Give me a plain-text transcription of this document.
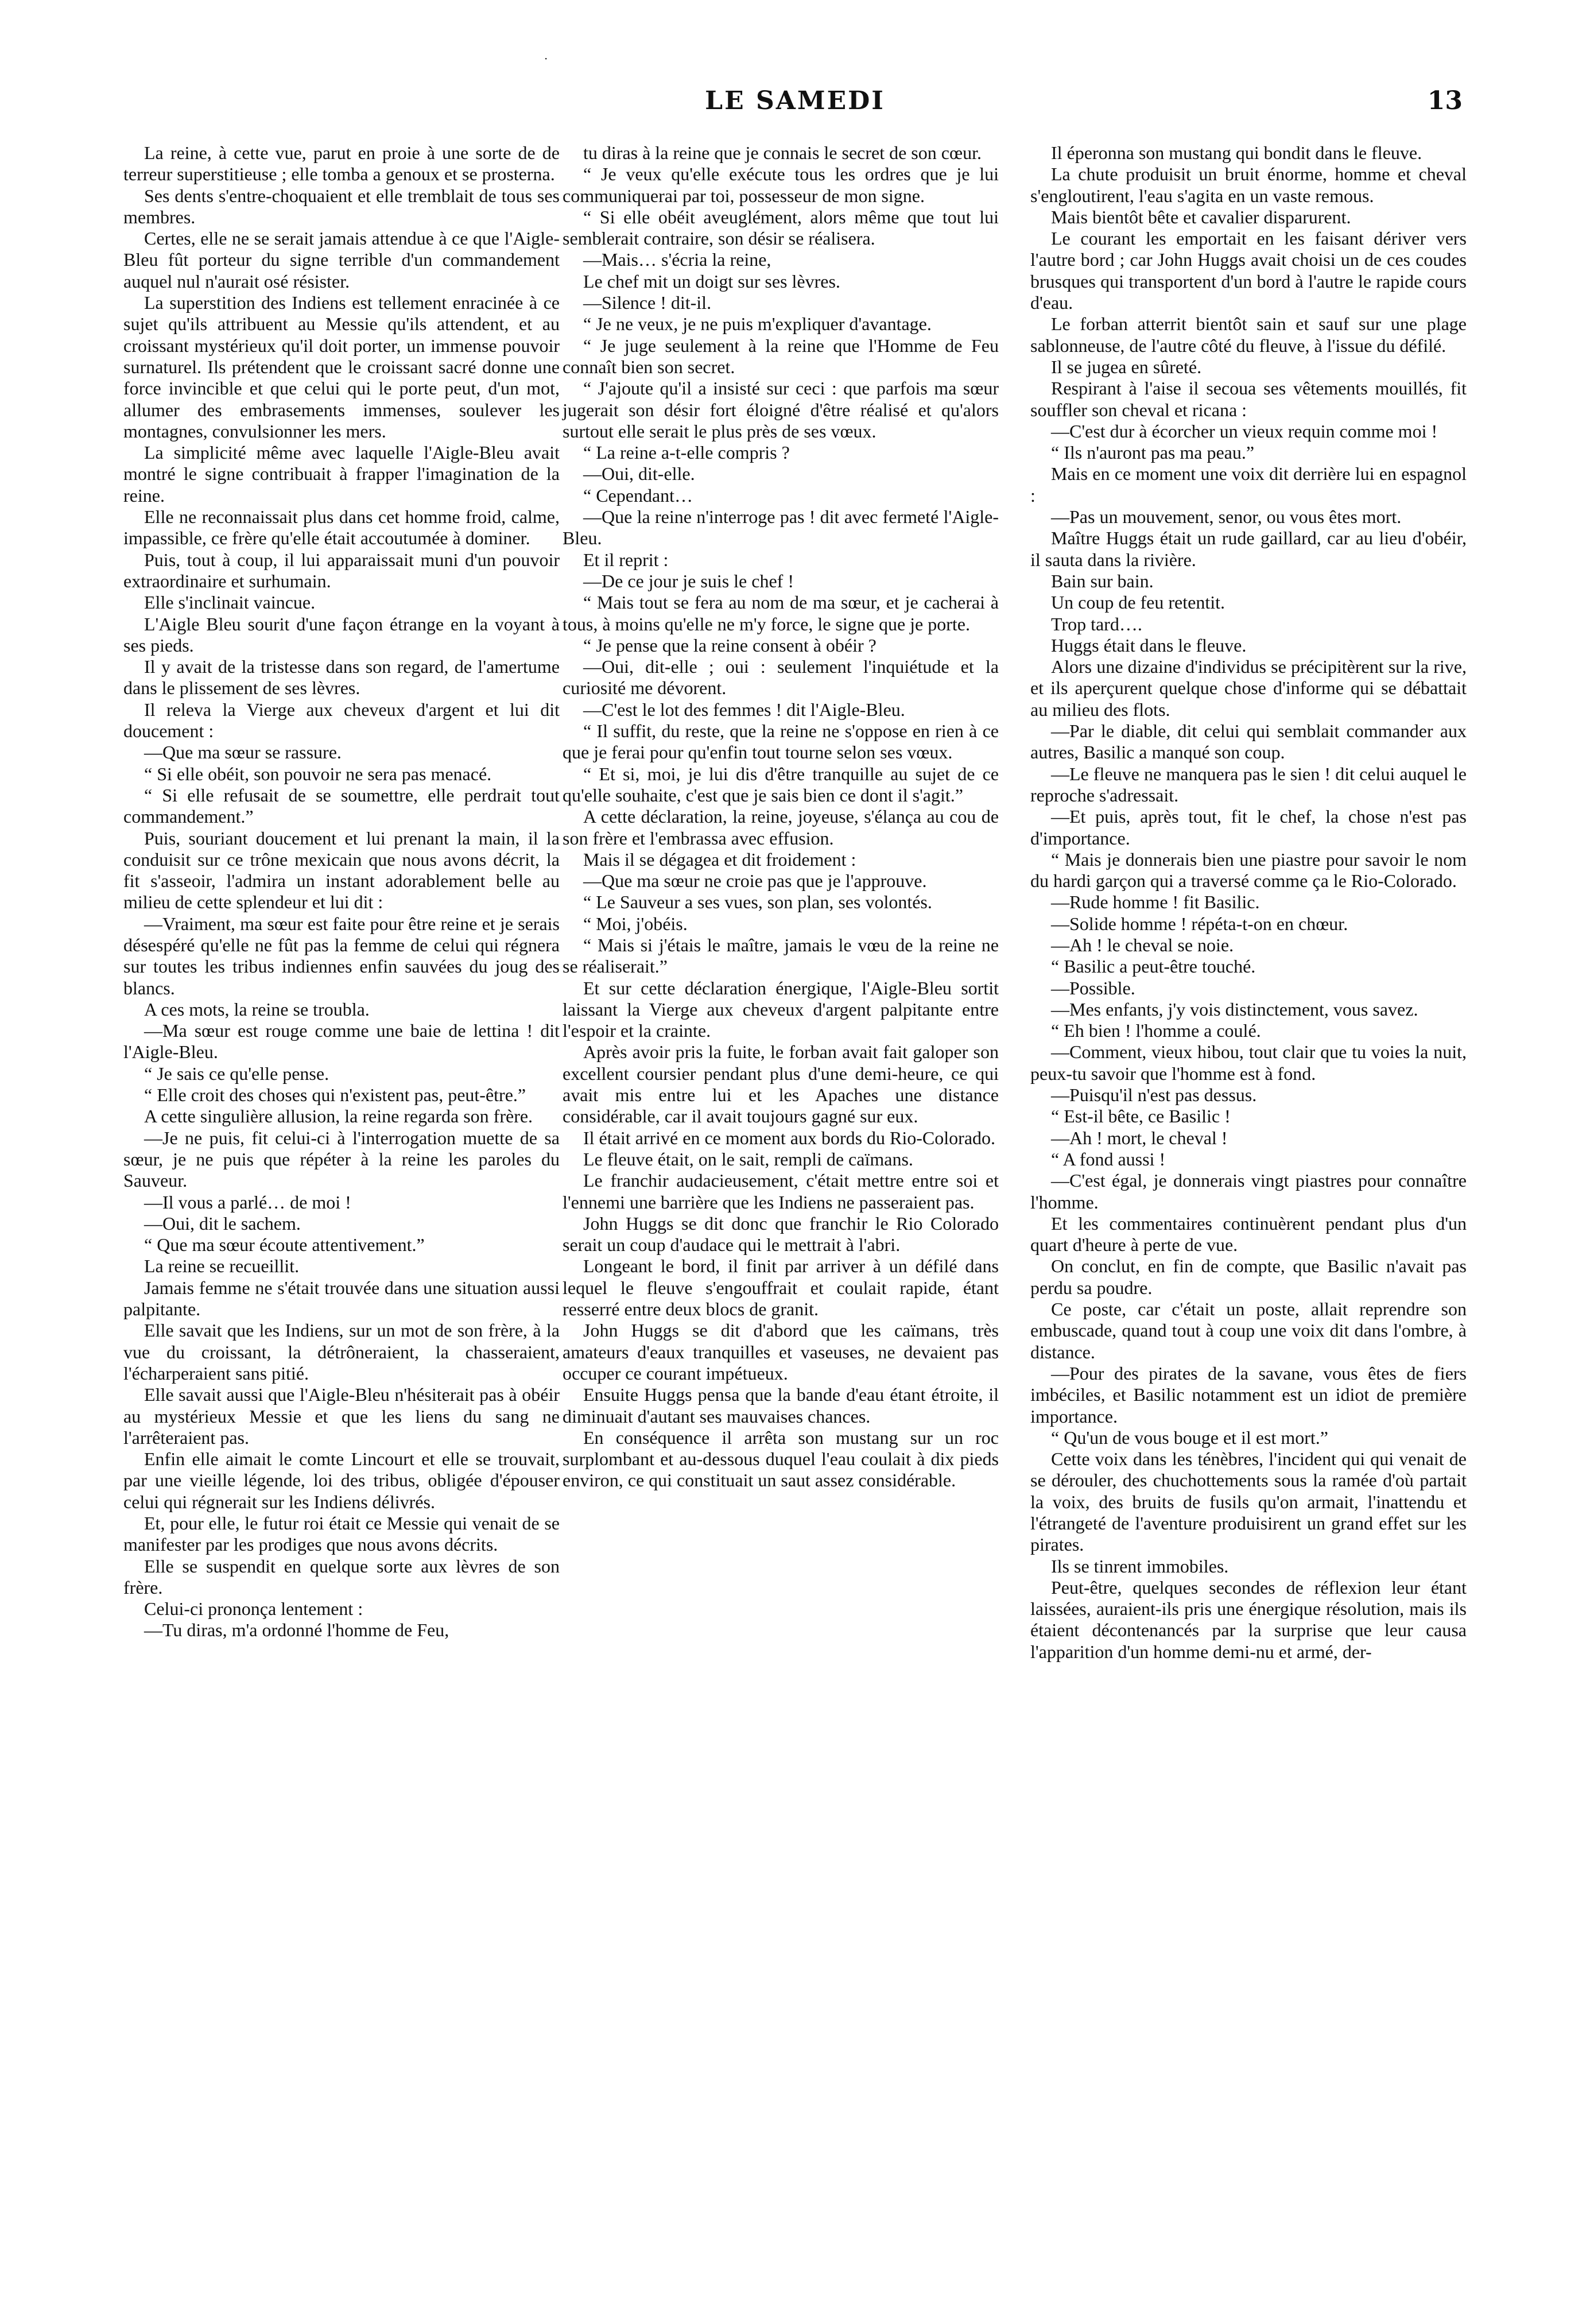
·
LE SAMEDI	13

La reine, à cette vue, parut en proie à une sorte de de terreur superstitieuse ; elle tomba a genoux et se prosterna.

Ses dents s'entre-choquaient et elle tremblait de tous ses membres.

Certes, elle ne se serait jamais attendue à ce que l'Aigle-Bleu fût porteur du signe terrible d'un commandement auquel nul n'aurait osé résister.

La superstition des Indiens est tellement enracinée à ce sujet qu'ils attribuent au Messie qu'ils attendent, et au croissant mystérieux qu'il doit porter, un immense pouvoir surnaturel. Ils prétendent que le croissant sacré donne une force invincible et que celui qui le porte peut, d'un mot, allumer des embrasements immenses, soulever les montagnes, convulsionner les mers.

La simplicité même avec laquelle l'Aigle-Bleu avait montré le signe contribuait à frapper l'imagination de la reine.

Elle ne reconnaissait plus dans cet homme froid, calme, impassible, ce frère qu'elle était accoutumée à dominer.

Puis, tout à coup, il lui apparaissait muni d'un pouvoir extraordinaire et surhumain.

Elle s'inclinait vaincue.

L'Aigle Bleu sourit d'une façon étrange en la voyant à ses pieds.

Il y avait de la tristesse dans son regard, de l'amertume dans le plissement de ses lèvres.

Il releva la Vierge aux cheveux d'argent et lui dit doucement :

—Que ma sœur se rassure.

“ Si elle obéit, son pouvoir ne sera pas menacé.

“ Si elle refusait de se soumettre, elle perdrait tout commandement.”

Puis, souriant doucement et lui prenant la main, il la conduisit sur ce trône mexicain que nous avons décrit, la fit s'asseoir, l'admira un instant adorablement belle au milieu de cette splendeur et lui dit :

—Vraiment, ma sœur est faite pour être reine et je serais désespéré qu'elle ne fût pas la femme de celui qui régnera sur toutes les tribus indiennes enfin sauvées du joug des blancs.

A ces mots, la reine se troubla.

—Ma sœur est rouge comme une baie de lettina ! dit l'Aigle-Bleu.

“ Je sais ce qu'elle pense.

“ Elle croit des choses qui n'existent pas, peut-être.”

A cette singulière allusion, la reine regarda son frère.

—Je ne puis, fit celui-ci à l'interrogation muette de sa sœur, je ne puis que répéter à la reine les paroles du Sauveur.

—Il vous a parlé… de moi !

—Oui, dit le sachem.

“ Que ma sœur écoute attentivement.”

La reine se recueillit.

Jamais femme ne s'était trouvée dans une situation aussi palpitante.

Elle savait que les Indiens, sur un mot de son frère, à la vue du croissant, la détrôneraient, la chasseraient, l'écharperaient sans pitié.

Elle savait aussi que l'Aigle-Bleu n'hésiterait pas à obéir au mystérieux Messie et que les liens du sang ne l'arrêteraient pas.

Enfin elle aimait le comte Lincourt et elle se trouvait, par une vieille légende, loi des tribus, obligée d'épouser celui qui régnerait sur les Indiens délivrés.

Et, pour elle, le futur roi était ce Messie qui venait de se manifester par les prodiges que nous avons décrits.

Elle se suspendit en quelque sorte aux lèvres de son frère.

Celui-ci prononça lentement :

—Tu diras, m'a ordonné l'homme de Feu,

tu diras à la reine que je connais le secret de son cœur.

“ Je veux qu'elle exécute tous les ordres que je lui communiquerai par toi, possesseur de mon signe.

“ Si elle obéit aveuglément, alors même que tout lui semblerait contraire, son désir se réalisera.

—Mais… s'écria la reine,

Le chef mit un doigt sur ses lèvres.

—Silence ! dit-il.

“ Je ne veux, je ne puis m'expliquer d'avantage.

“ Je juge seulement à la reine que l'Homme de Feu connaît bien son secret.

“ J'ajoute qu'il a insisté sur ceci : que parfois ma sœur jugerait son désir fort éloigné d'être réalisé et qu'alors surtout elle serait le plus près de ses vœux.

“ La reine a-t-elle compris ?

—Oui, dit-elle.

“ Cependant…

—Que la reine n'interroge pas ! dit avec fermeté l'Aigle-Bleu.

Et il reprit :

—De ce jour je suis le chef !

“ Mais tout se fera au nom de ma sœur, et je cacherai à tous, à moins qu'elle ne m'y force, le signe que je porte.

“ Je pense que la reine consent à obéir ?

—Oui, dit-elle ; oui : seulement l'inquiétude et la curiosité me dévorent.

—C'est le lot des femmes ! dit l'Aigle-Bleu.

“ Il suffit, du reste, que la reine ne s'oppose en rien à ce que je ferai pour qu'enfin tout tourne selon ses vœux.

“ Et si, moi, je lui dis d'être tranquille au sujet de ce qu'elle souhaite, c'est que je sais bien ce dont il s'agit.”

A cette déclaration, la reine, joyeuse, s'élança au cou de son frère et l'embrassa avec effusion.

Mais il se dégagea et dit froidement :

—Que ma sœur ne croie pas que je l'approuve.

“ Le Sauveur a ses vues, son plan, ses volontés.

“ Moi, j'obéis.

“ Mais si j'étais le maître, jamais le vœu de la reine ne se réaliserait.”

Et sur cette déclaration énergique, l'Aigle-Bleu sortit laissant la Vierge aux cheveux d'argent palpitante entre l'espoir et la crainte.

Après avoir pris la fuite, le forban avait fait galoper son excellent coursier pendant plus d'une demi-heure, ce qui avait mis entre lui et les Apaches une distance considérable, car il avait toujours gagné sur eux.

Il était arrivé en ce moment aux bords du Rio-Colorado.

Le fleuve était, on le sait, rempli de caïmans.

Le franchir audacieusement, c'était mettre entre soi et l'ennemi une barrière que les Indiens ne passeraient pas.

John Huggs se dit donc que franchir le Rio Colorado serait un coup d'audace qui le mettrait à l'abri.

Longeant le bord, il finit par arriver à un défilé dans lequel le fleuve s'engouffrait et coulait rapide, étant resserré entre deux blocs de granit.

John Huggs se dit d'abord que les caïmans, très amateurs d'eaux tranquilles et vaseuses, ne devaient pas occuper ce courant impétueux.

Ensuite Huggs pensa que la bande d'eau étant étroite, il diminuait d'autant ses mauvaises chances.

En conséquence il arrêta son mustang sur un roc surplombant et au-dessous duquel l'eau coulait à dix pieds environ, ce qui constituait un saut assez considérable.

Il éperonna son mustang qui bondit dans le fleuve.

La chute produisit un bruit énorme, homme et cheval s'engloutirent, l'eau s'agita en un vaste remous.

Mais bientôt bête et cavalier disparurent.

Le courant les emportait en les faisant dériver vers l'autre bord ; car John Huggs avait choisi un de ces coudes brusques qui transportent d'un bord à l'autre le rapide cours d'eau.

Le forban atterrit bientôt sain et sauf sur une plage sablonneuse, de l'autre côté du fleuve, à l'issue du défilé.

Il se jugea en sûreté.

Respirant à l'aise il secoua ses vêtements mouillés, fit souffler son cheval et ricana :

—C'est dur à écorcher un vieux requin comme moi !

“ Ils n'auront pas ma peau.”

Mais en ce moment une voix dit derrière lui en espagnol :

—Pas un mouvement, senor, ou vous êtes mort.

Maître Huggs était un rude gaillard, car au lieu d'obéir, il sauta dans la rivière.

Bain sur bain.

Un coup de feu retentit.

Trop tard….

Huggs était dans le fleuve.

Alors une dizaine d'individus se précipitèrent sur la rive, et ils aperçurent quelque chose d'informe qui se débattait au milieu des flots.

—Par le diable, dit celui qui semblait commander aux autres, Basilic a manqué son coup.

—Le fleuve ne manquera pas le sien ! dit celui auquel le reproche s'adressait.

—Et puis, après tout, fit le chef, la chose n'est pas d'importance.

“ Mais je donnerais bien une piastre pour savoir le nom du hardi garçon qui a traversé comme ça le Rio-Colorado.

—Rude homme ! fit Basilic.

—Solide homme ! répéta-t-on en chœur.

—Ah ! le cheval se noie.

“ Basilic a peut-être touché.

—Possible.

—Mes enfants, j'y vois distinctement, vous savez.

“ Eh bien ! l'homme a coulé.

—Comment, vieux hibou, tout clair que tu voies la nuit, peux-tu savoir que l'homme est à fond.

—Puisqu'il n'est pas dessus.

“ Est-il bête, ce Basilic !

—Ah ! mort, le cheval !

“ A fond aussi !

—C'est égal, je donnerais vingt piastres pour connaître l'homme.

Et les commentaires continuèrent pendant plus d'un quart d'heure à perte de vue.

On conclut, en fin de compte, que Basilic n'avait pas perdu sa poudre.

Ce poste, car c'était un poste, allait reprendre son embuscade, quand tout à coup une voix dit dans l'ombre, à distance.

—Pour des pirates de la savane, vous êtes de fiers imbéciles, et Basilic notamment est un idiot de première importance.

“ Qu'un de vous bouge et il est mort.”

Cette voix dans les ténèbres, l'incident qui qui venait de se dérouler, des chuchottements sous la ramée d'où partait la voix, des bruits de fusils qu'on armait, l'inattendu et l'étrangeté de l'aventure produisirent un grand effet sur les pirates.

Ils se tinrent immobiles.

Peut-être, quelques secondes de réflexion leur étant laissées, auraient-ils pris une énergique résolution, mais ils étaient décontenancés par la surprise que leur causa l'apparition d'un homme demi-nu et armé, der-
